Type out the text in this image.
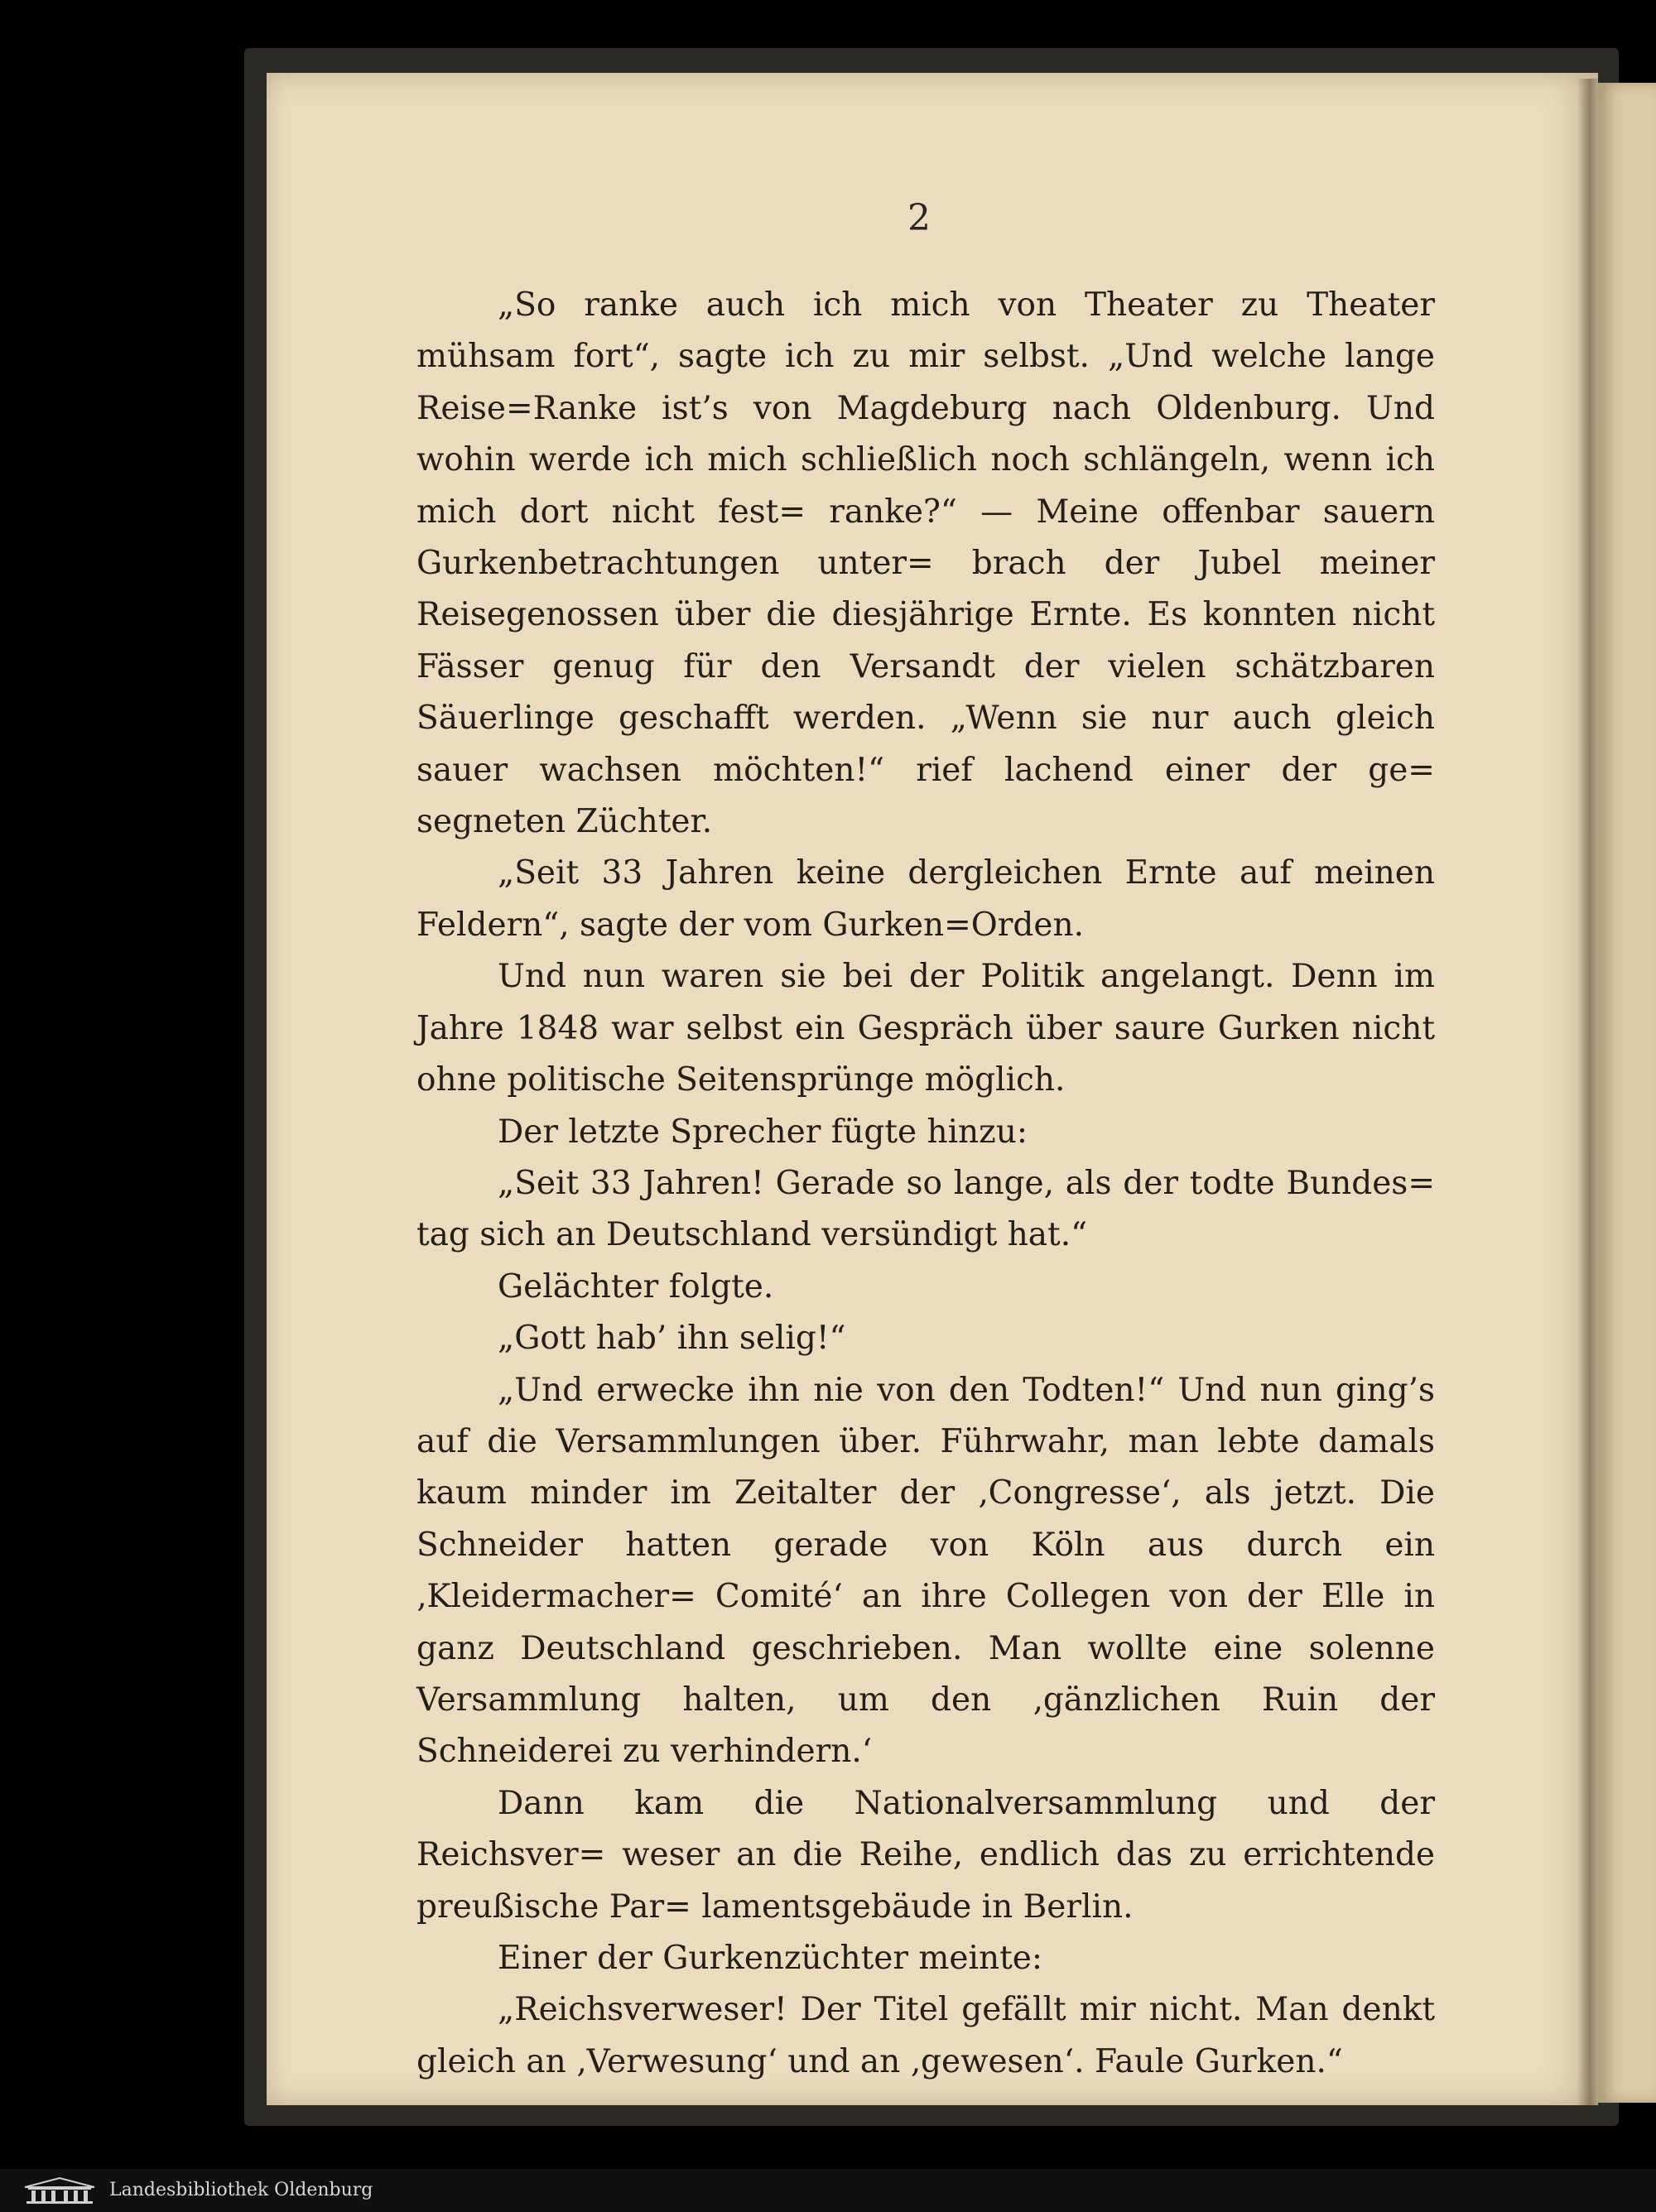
2

„So ranke auch ich mich von Theater zu Theater mühsam fort“, sagte ich zu mir selbst. „Und welche lange Reise=Ranke ist’s von Magdeburg nach Oldenburg. Und wohin werde ich mich schließlich noch schlängeln, wenn ich mich dort nicht fest= ranke?“ — Meine offenbar sauern Gurkenbetrachtungen unter= brach der Jubel meiner Reisegenossen über die diesjährige Ernte. Es konnten nicht Fässer genug für den Versandt der vielen schätzbaren Säuerlinge geschafft werden. „Wenn sie nur auch gleich sauer wachsen möchten!“ rief lachend einer der ge= segneten Züchter.

„Seit 33 Jahren keine dergleichen Ernte auf meinen Feldern“, sagte der vom Gurken=Orden.

Und nun waren sie bei der Politik angelangt. Denn im Jahre 1848 war selbst ein Gespräch über saure Gurken nicht ohne politische Seitensprünge möglich.

Der letzte Sprecher fügte hinzu:

„Seit 33 Jahren! Gerade so lange, als der todte Bundes= tag sich an Deutschland versündigt hat.“

Gelächter folgte.

„Gott hab’ ihn selig!“

„Und erwecke ihn nie von den Todten!“ Und nun ging’s auf die Versammlungen über. Führwahr, man lebte damals kaum minder im Zeitalter der ‚Congresse‘, als jetzt. Die Schneider hatten gerade von Köln aus durch ein ‚Kleidermacher= Comité‘ an ihre Collegen von der Elle in ganz Deutschland geschrieben. Man wollte eine solenne Versammlung halten, um den ‚gänzlichen Ruin der Schneiderei zu verhindern.‘

Dann kam die Nationalversammlung und der Reichsver= weser an die Reihe, endlich das zu errichtende preußische Par= lamentsgebäude in Berlin.

Einer der Gurkenzüchter meinte:

„Reichsverweser! Der Titel gefällt mir nicht. Man denkt gleich an ‚Verwesung‘ und an ‚gewesen‘. Faule Gurken.“

Landesbibliothek Oldenburg
